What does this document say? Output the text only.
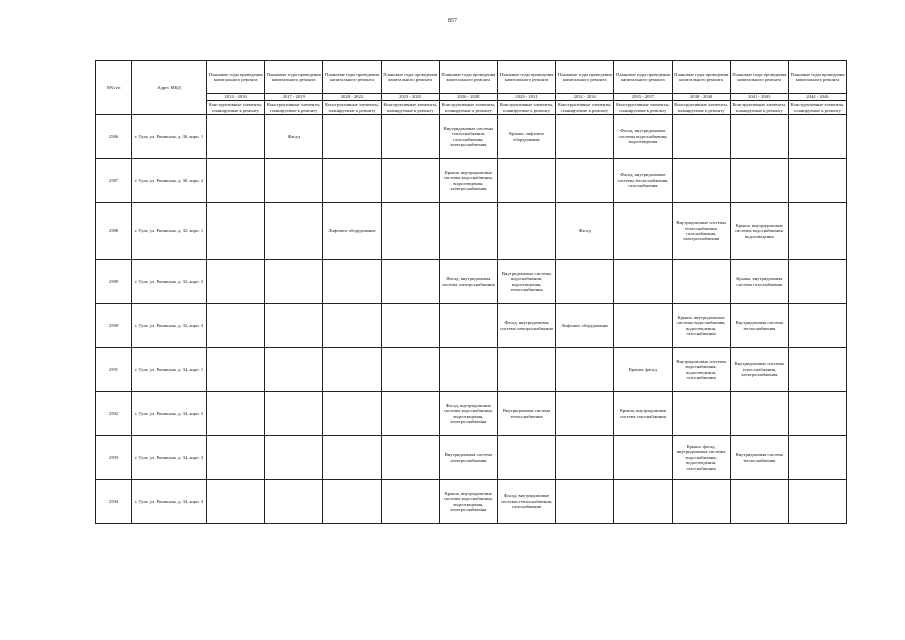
857
NN п/п	Адрес МКД	Плановые годы проведения капитального ремонта	Плановые годы проведения капитального ремонта	Плановые годы проведения капитального ремонта	Плановые годы проведения капитального ремонта	Плановые годы проведения капитального ремонта	Плановые годы проведения капитального ремонта	Плановые годы проведения капитального ремонта	Плановые годы проведения капитального ремонта	Плановые годы проведения капитального ремонта	Плановые годы проведения капитального ремонта	Плановые годы проведения капитального ремонта
		2014 - 2016	2017 - 2019	2020 - 2022	2023 - 2025	2026 - 2028	2029 - 2031	2032 - 2034	2035 - 2037	2038 - 2040	2041 - 2043	2044 - 2046
		Конструктивные элементы, планируемые к ремонту	Конструктивные элементы, планируемые к ремонту	Конструктивные элементы, планируемые к ремонту	Конструктивные элементы, планируемые к ремонту	Конструктивные элементы, планируемые к ремонту	Конструктивные элементы, планируемые к ремонту	Конструктивные элементы, планируемые к ремонту	Конструктивные элементы, планируемые к ремонту	Конструктивные элементы, планируемые к ремонту	Конструктивные элементы, планируемые к ремонту	Конструктивные элементы, планируемые к ремонту
2586	г. Тула, ул. Рязанская, д. 30, корп. 1		Фасад			Внутридомовые системы теплоснабжения, газоснабжения, электроснабжения	Крыша, лифтовое оборудование		Фасад, внутридомовые системы водоснабжения, водоотведения			
2587	г. Тула, ул. Рязанская, д. 30, корп. 2					Крыша, внутридомовые системы водоснабжения, водоотведения, электроснабжения			Фасад, внутридомовые системы теплоснабжения, газоснабжения			
2588	г. Тула, ул. Рязанская, д. 32, корп. 1			Лифтовое оборудование				Фасад		Внутридомовые системы теплоснабжения, газоснабжения, электроснабжения	Крыша, внутридомовые системы водоснабжения, водоотведения	
2589	г. Тула, ул. Рязанская, д. 32, корп. 2					Фасад, внутридомовая система электроснабжения	Внутридомовые системы водоснабжения, водоотведения, теплоснабжения				Крыша, внутридомовая система газоснабжения	
2590	г. Тула, ул. Рязанская, д. 32, корп. 3						Фасад, внутридомовая система электроснабжения	Лифтовое оборудование		Крыша, внутридомовые системы водоснабжения, водоотведения, газоснабжения	Внутридомовая система теплоснабжения	
2591	г. Тула, ул. Рязанская, д. 34, корп. 1								Крыша, фасад	Внутридомовые системы водоснабжения, водоотведения, газоснабжения	Внутридомовые системы теплоснабжения, электроснабжения	
2592	г. Тула, ул. Рязанская, д. 34, корп. 2					Фасад, внутридомовые системы водоснабжения, водоотведения, электроснабжения	Внутридомовая система теплоснабжения		Крыша, внутридомовая система газоснабжения			
2593	г. Тула, ул. Рязанская, д. 34, корп. 3					Внутридомовая система электроснабжения				Крыша, фасад, внутридомовые системы водоснабжения, водоотведения, газоснабжения	Внутридомовая система теплоснабжения	
2594	г. Тула, ул. Рязанская, д. 34, корп. 4					Крыша, внутридомовые системы водоснабжения, водоотведения, электроснабжения	Фасад, внутридомовые системы теплоснабжения, газоснабжения					
